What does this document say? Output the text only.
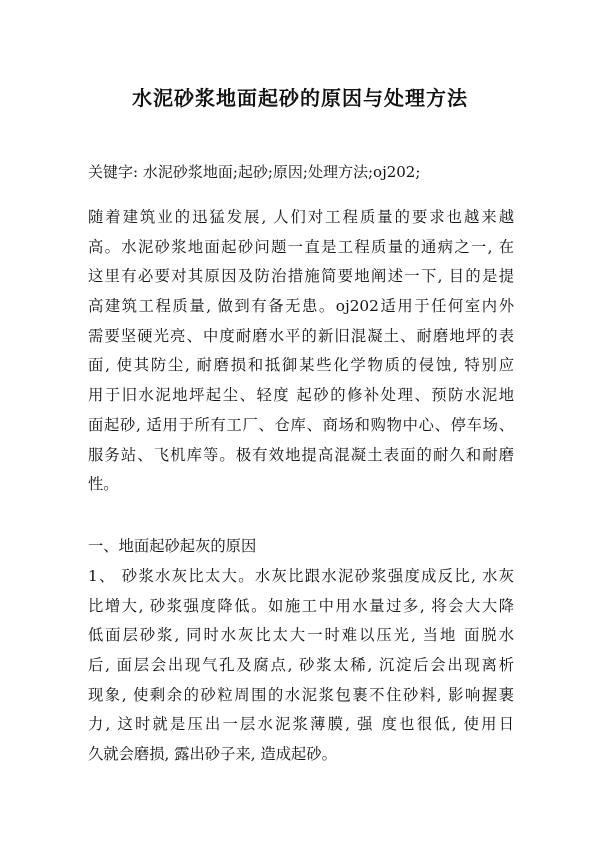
水泥砂浆地面起砂的原因与处理方法
关键字: 水泥砂浆地面;起砂;原因;处理方法;oj202;
随着建筑业的迅猛发展, 人们对工程质量的要求也越来越
高。水泥砂浆地面起砂问题一直是工程质量的通病之一, 在
这里有必要对其原因及防治措施简要地阐述一下, 目的是提
高建筑工程质量, 做到有备无患。oj202适用于任何室内外
需要坚硬光亮、中度耐磨水平的新旧混凝土、耐磨地坪的表
面, 使其防尘, 耐磨损和抵御某些化学物质的侵蚀, 特别应
用于旧水泥地坪起尘、轻度 起砂的修补处理、预防水泥地
面起砂, 适用于所有工厂、仓库、商场和购物中心、停车场、
服务站、飞机库等。极有效地提高混凝土表面的耐久和耐磨
性。
一、地面起砂起灰的原因
1、 砂浆水灰比太大。水灰比跟水泥砂浆强度成反比, 水灰
比增大, 砂浆强度降低。如施工中用水量过多, 将会大大降
低面层砂浆, 同时水灰比太大一时难以压光, 当地 面脱水
后, 面层会出现气孔及腐点, 砂浆太稀, 沉淀后会出现离析
现象, 使剩余的砂粒周围的水泥浆包裹不住砂料, 影响握裹
力, 这时就是压出一层水泥浆薄膜, 强 度也很低, 使用日
久就会磨损, 露出砂子来, 造成起砂。
